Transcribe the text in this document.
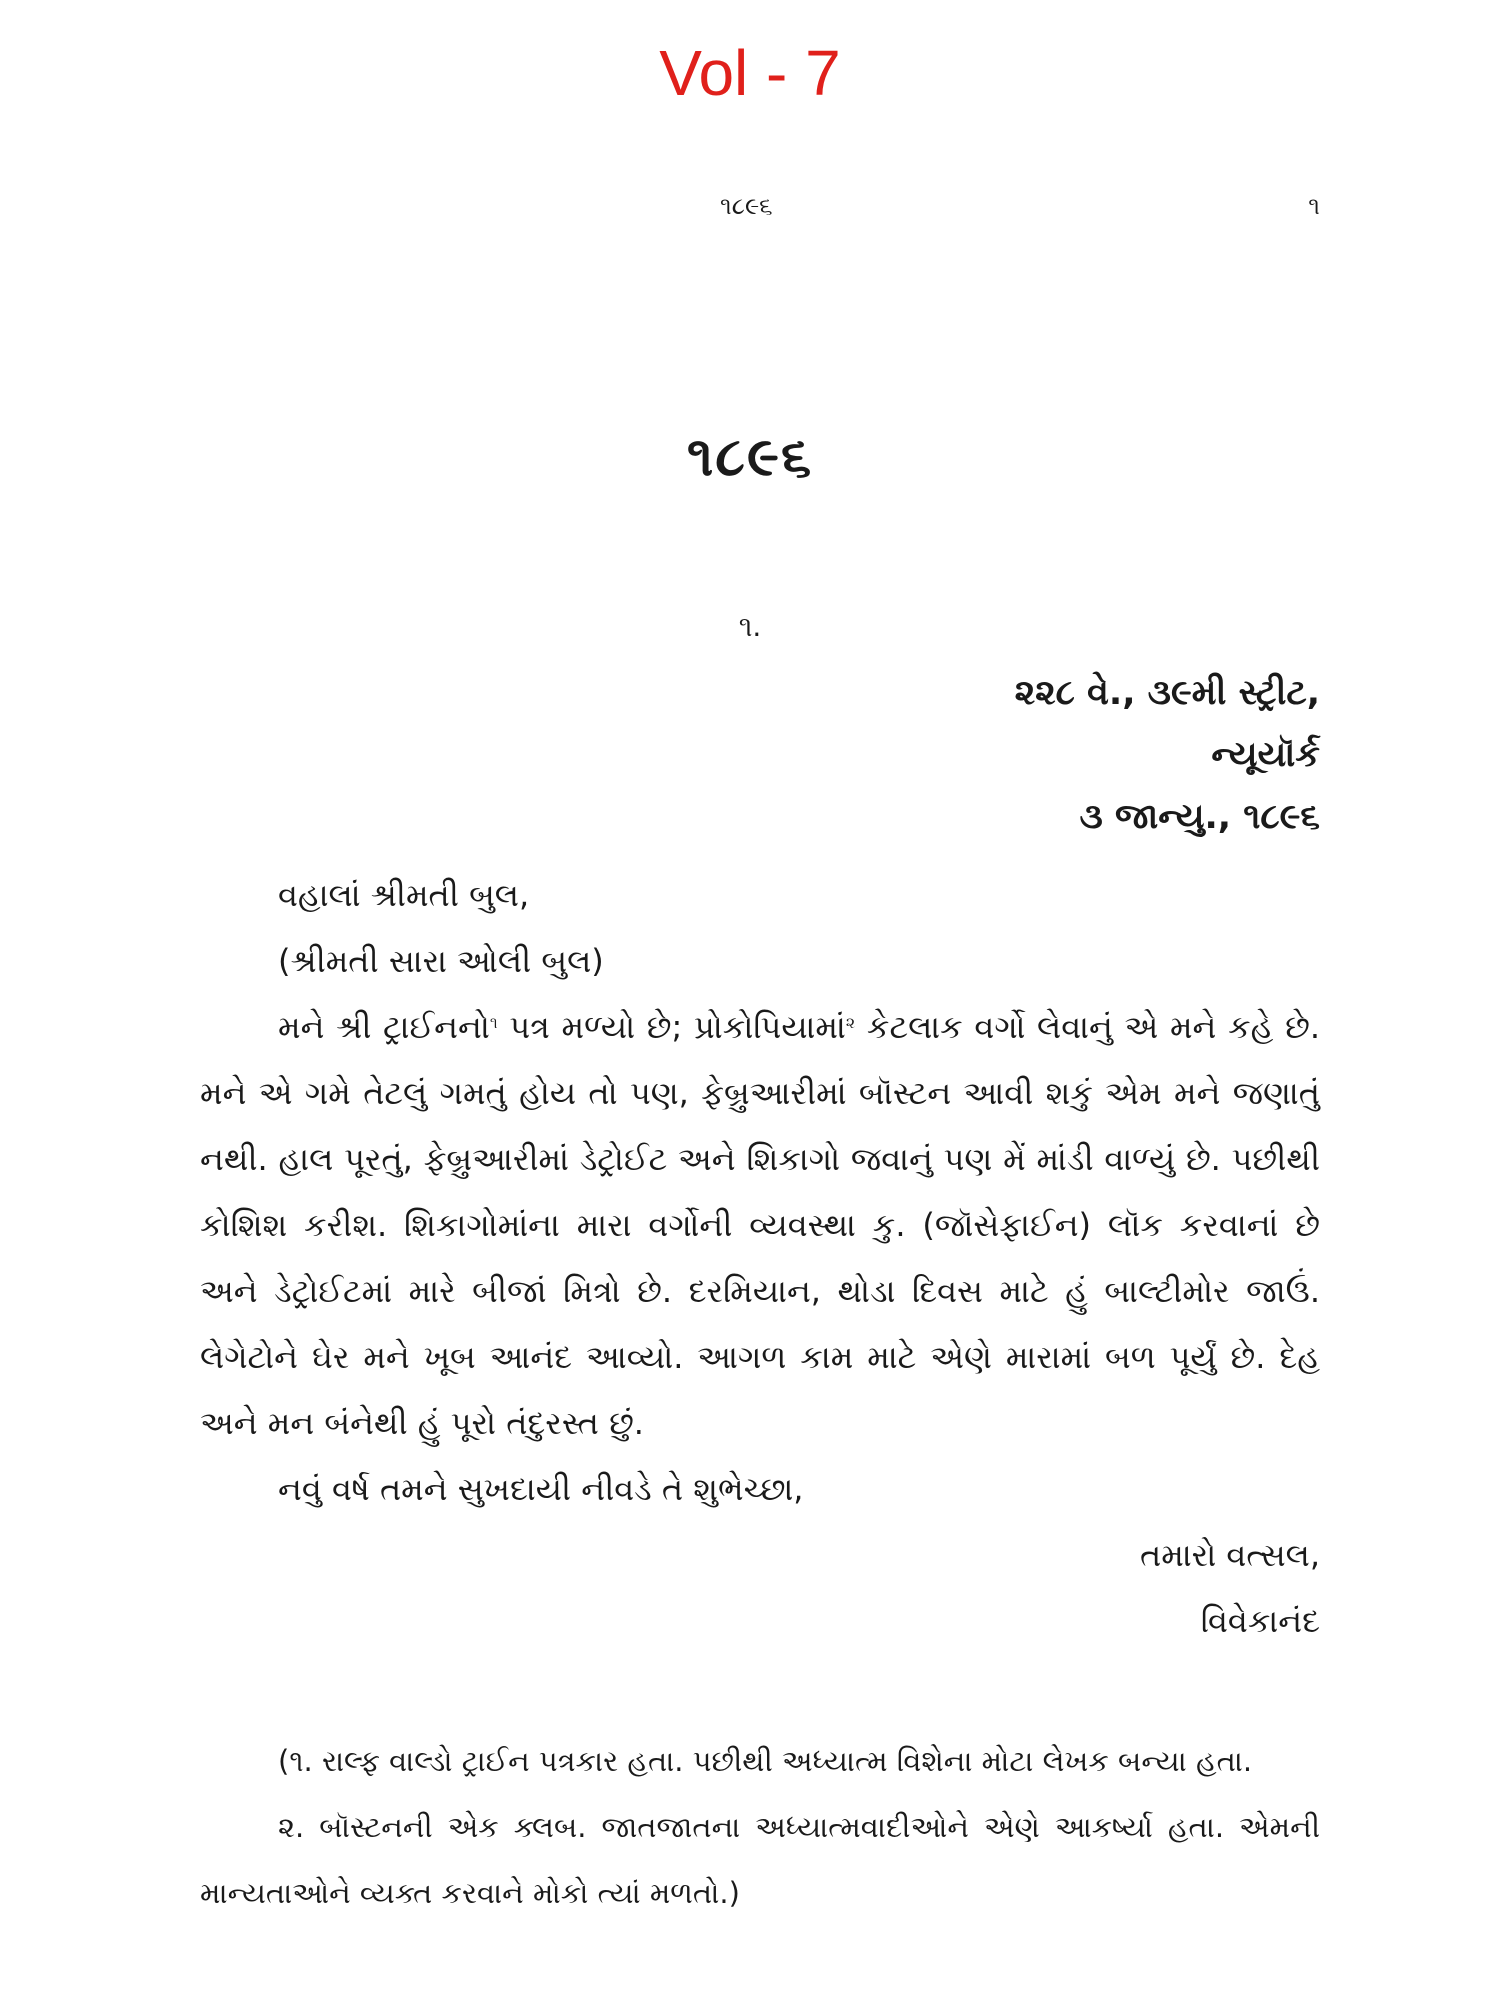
Vol - 7
૧૮૯૬	૧
૧૮૯૬
૧.
૨૨૮ વે., ૩૯મી સ્ટ્રીટ,
ન્યૂયૉર્ક
૩ જાન્યુ., ૧૮૯૬

વહાલાં શ્રીમતી બુલ,

(શ્રીમતી સારા ઓલી બુલ)

મને શ્રી ટ્રાઈનનો$^૧$ પત્ર મળ્યો છે; પ્રોકોપિયામાં$^૨$ કેટલાક વર્ગો લેવાનું એ મને કહે છે. મને એ ગમે તેટલું ગમતું હોય તો પણ, ફેબ્રુઆરીમાં બૉસ્ટન આવી શકું એમ મને જણાતું નથી. હાલ પૂરતું, ફેબ્રુઆરીમાં ડેટ્રોઈટ અને શિકાગો જવાનું પણ મેં માંડી વાળ્યું છે. પછીથી કોશિશ કરીશ. શિકાગોમાંના મારા વર્ગોની વ્યવસ્થા કુ. (જૉસેફાઈન) લૉક કરવાનાં છે અને ડેટ્રોઈટમાં મારે બીજાં મિત્રો છે. દરમિયાન, થોડા દિવસ માટે હું બાલ્ટીમોર જાઉં. લેગેટોને ઘેર મને ખૂબ આનંદ આવ્યો. આગળ કામ માટે એણે મારામાં બળ પૂર્યું છે. દેહ અને મન બંનેથી હું પૂરો તંદુરસ્ત છું.

નવું વર્ષ તમને સુખદાયી નીવડે તે શુભેચ્છા,

તમારો વત્સલ,

વિવેકાનંદ

(૧. રાલ્ફ વાલ્ડો ટ્રાઈન પત્રકાર હતા. પછીથી અધ્યાત્મ વિશેના મોટા લેખક બન્યા હતા.

૨. બૉસ્ટનની એક ક્લબ. જાતજાતના અધ્યાત્મવાદીઓને એણે આકર્ષ્યા હતા. એમની માન્યતાઓને વ્યક્ત કરવાને મોકો ત્યાં મળતો.)
